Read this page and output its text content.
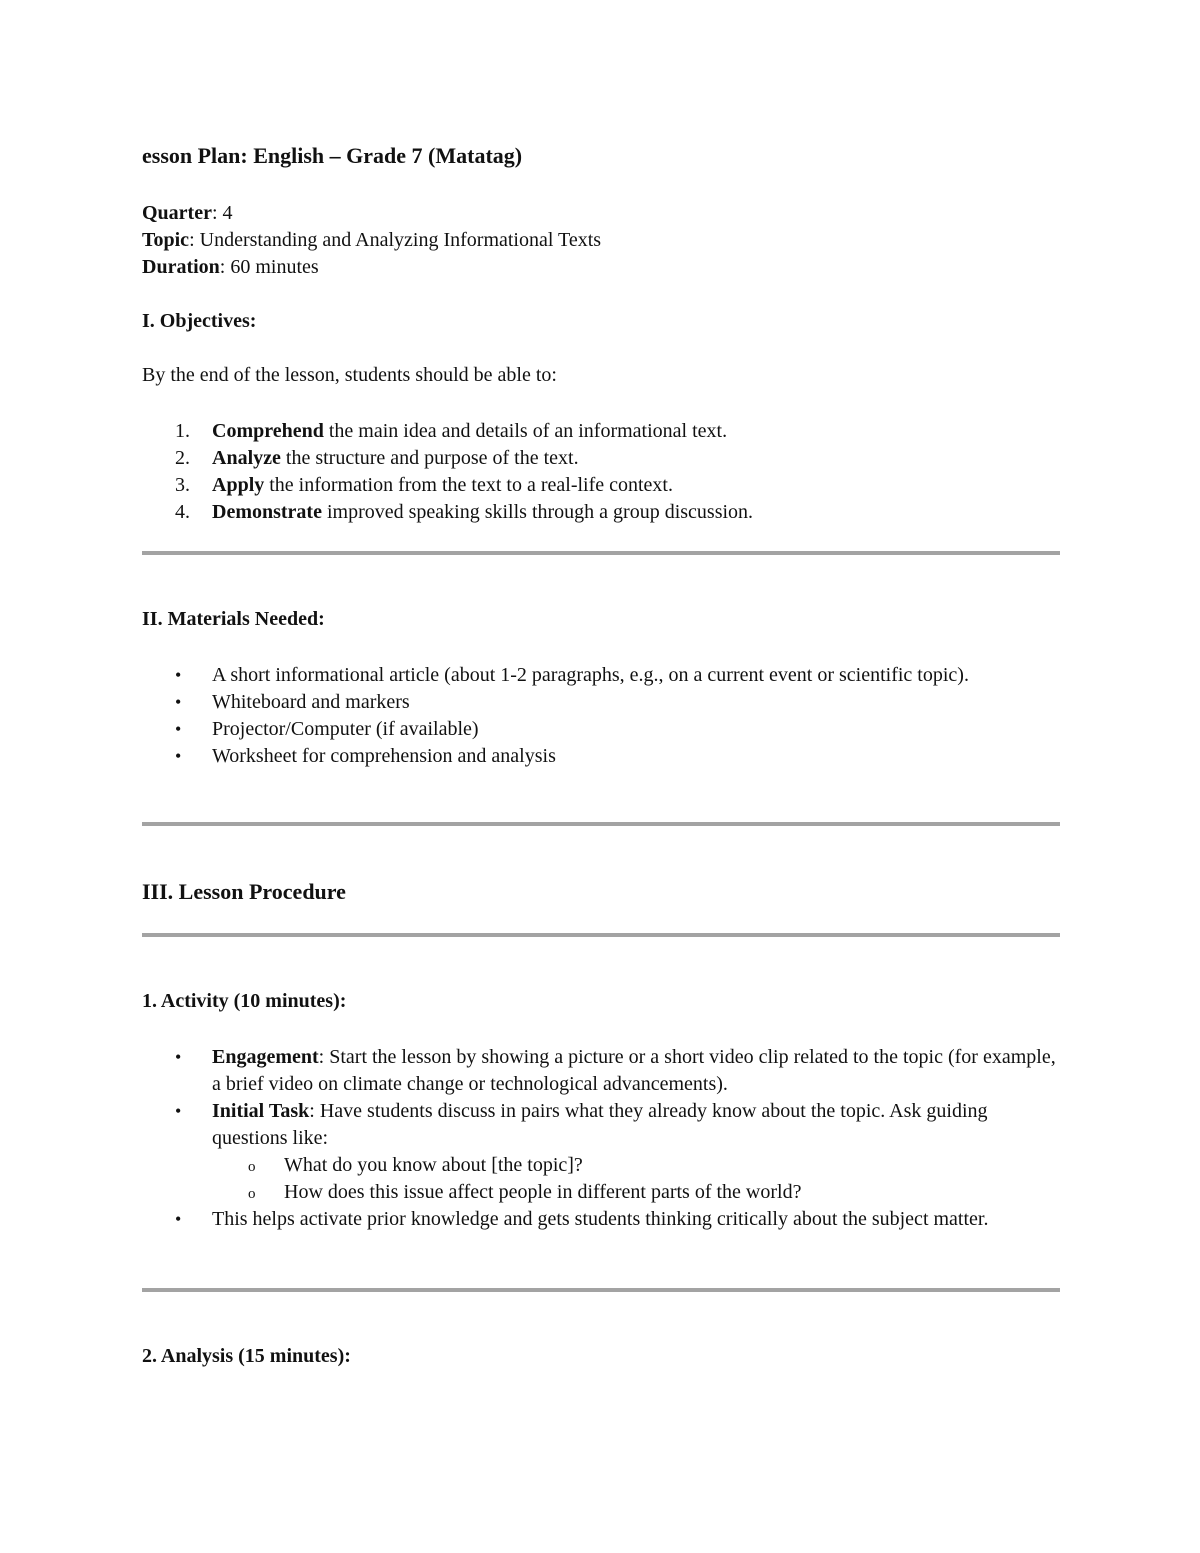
esson Plan: English – Grade 7 (Matatag)
Quarter: 4
Topic: Understanding and Analyzing Informational Texts
Duration: 60 minutes
I. Objectives:

By the end of the lesson, students should be able to:

1. Comprehend the main idea and details of an informational text.
2. Analyze the structure and purpose of the text.
3. Apply the information from the text to a real-life context.
4. Demonstrate improved speaking skills through a group discussion.
II. Materials Needed:
• A short informational article (about 1-2 paragraphs, e.g., on a current event or scientific topic).
• Whiteboard and markers
• Projector/Computer (if available)
• Worksheet for comprehension and analysis
III. Lesson Procedure
1. Activity (10 minutes):
• Engagement: Start the lesson by showing a picture or a short video clip related to the topic (for example, a brief video on climate change or technological advancements).
• Initial Task: Have students discuss in pairs what they already know about the topic. Ask guiding questions like:
o What do you know about [the topic]?
o How does this issue affect people in different parts of the world?
• This helps activate prior knowledge and gets students thinking critically about the subject matter.
2. Analysis (15 minutes):
